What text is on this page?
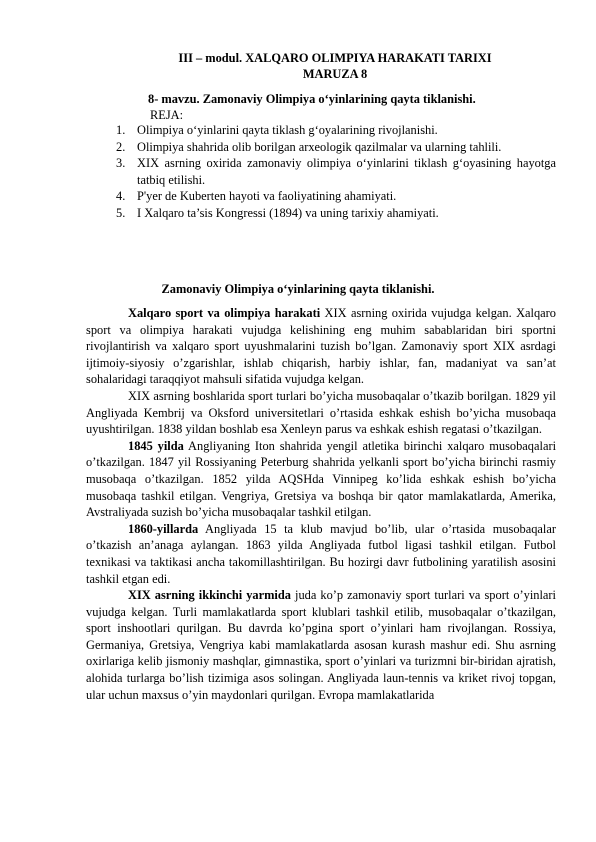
III – modul. XALQARO OLIMPIYA HARAKATI TARIXI
MARUZA 8
8- mavzu. Zamonaviy Olimpiya oʻyinlarining qayta tiklanishi.
REJA:
1. Olimpiya oʻyinlarini qayta tiklash gʻoyalarining rivojlanishi.
2. Olimpiya shahrida olib borilgan arxeologik qazilmalar va ularning tahlili.
3. XIX asrning oxirida zamonaviy olimpiya oʻyinlarini tiklash gʻoyasining hayotga tatbiq etilishi.
4. P'yer de Kuberten hayoti va faoliyatining ahamiyati.
5. I Xalqaro ta’sis Kongressi (1894) va uning tarixiy ahamiyati.
Zamonaviy Olimpiya oʻyinlarining qayta tiklanishi.

Xalqaro sport va olimpiya harakati XIX asrning oxirida vujudga kelgan. Xalqaro sport va olimpiya harakati vujudga kelishining eng muhim sabablaridan biri sportni rivojlantirish va xalqaro sport uyushmalarini tuzish boʼlgan. Zamonaviy sport XIX asrdagi ijtimoiy-siyosiy oʼzgarishlar, ishlab chiqarish, harbiy ishlar, fan, madaniyat va san’at sohalaridagi taraqqiyot mahsuli sifatida vujudga kelgan.

XIX asrning boshlarida sport turlari boʼyicha musobaqalar oʼtkazib borilgan. 1829 yil Angliyada Kembrij va Oksford universitetlari oʼrtasida eshkak eshish boʼyicha musobaqa uyushtirilgan. 1838 yildan boshlab esa Xenleyn parus va eshkak eshish regatasi oʼtkazilgan.

1845 yilda Angliyaning Iton shahrida yengil atletika birinchi xalqaro musobaqalari oʼtkazilgan. 1847 yil Rossiyaning Peterburg shahrida yelkanli sport boʼyicha birinchi rasmiy musobaqa oʼtkazilgan. 1852 yilda AQSHda Vinnipeg koʼlida eshkak eshish boʼyicha musobaqa tashkil etilgan. Vengriya, Gretsiya va boshqa bir qator mamlakatlarda, Amerika, Avstraliyada suzish boʼyicha musobaqalar tashkil etilgan.

1860-yillarda Angliyada 15 ta klub mavjud boʼlib, ular oʼrtasida musobaqalar oʼtkazish an’anaga aylangan. 1863 yilda Angliyada futbol ligasi tashkil etilgan. Futbol texnikasi va taktikasi ancha takomillashtirilgan. Bu hozirgi davr futbolining yaratilish asosini tashkil etgan edi.

XIX asrning ikkinchi yarmida juda koʼp zamonaviy sport turlari va sport oʼyinlari vujudga kelgan. Turli mamlakatlarda sport klublari tashkil etilib, musobaqalar oʼtkazilgan, sport inshootlari qurilgan. Bu davrda koʼpgina sport oʼyinlari ham rivojlangan. Rossiya, Germaniya, Gretsiya, Vengriya kabi mamlakatlarda asosan kurash mashur edi. Shu asrning oxirlariga kelib jismoniy mashqlar, gimnastika, sport oʼyinlari va turizmni bir-biridan ajratish, alohida turlarga boʼlish tizimiga asos solingan. Angliyada laun-tennis va kriket rivoj topgan, ular uchun maxsus oʼyin maydonlari qurilgan. Evropa mamlakatlarida
